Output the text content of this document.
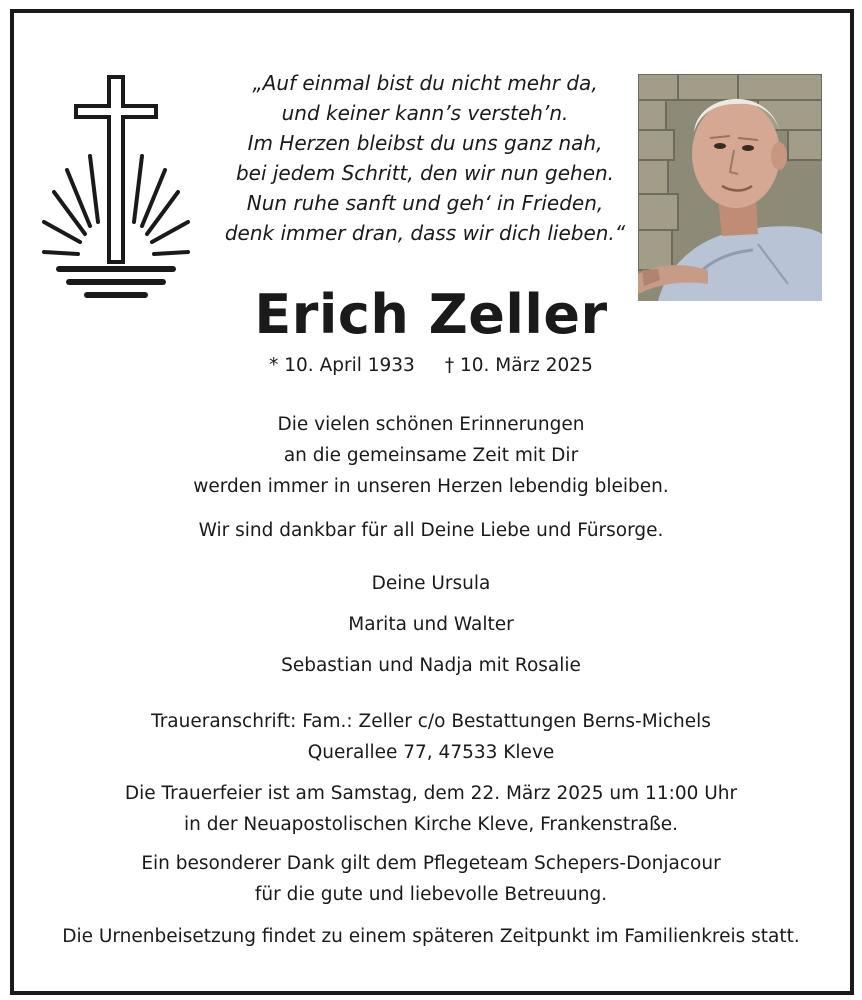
„Auf einmal bist du nicht mehr da,
und keiner kann’s versteh’n.
Im Herzen bleibst du uns ganz nah,
bei jedem Schritt, den wir nun gehen.
Nun ruhe sanft und geh‘ in Frieden,
denk immer dran, dass wir dich lieben.“
Erich Zeller
* 10. April 1933 † 10. März 2025
Die vielen schönen Erinnerungen
an die gemeinsame Zeit mit Dir
werden immer in unseren Herzen lebendig bleiben.
Wir sind dankbar für all Deine Liebe und Fürsorge.
Deine Ursula
Marita und Walter
Sebastian und Nadja mit Rosalie
Traueranschrift: Fam.: Zeller c/o Bestattungen Berns-Michels
Querallee 77, 47533 Kleve
Die Trauerfeier ist am Samstag, dem 22. März 2025 um 11:00 Uhr
in der Neuapostolischen Kirche Kleve, Frankenstraße.
Ein besonderer Dank gilt dem Pflegeteam Schepers-Donjacour
für die gute und liebevolle Betreuung.
Die Urnenbeisetzung findet zu einem späteren Zeitpunkt im Familienkreis statt.
